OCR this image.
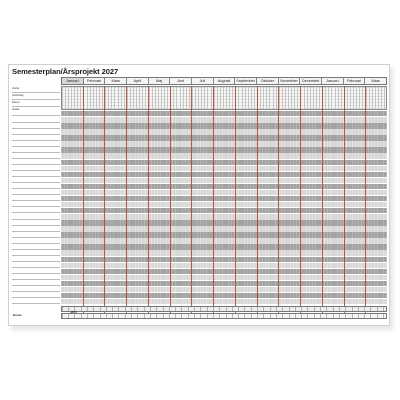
Semesterplan/Årsprojekt 2027
Januari	Februari	Mars	April	Maj	Juni	Juli	Augusti	September	Oktober	November	December	Januari	Februari	Mars
Vecka
Veckodag
Datum
Vecka
Burde
4850
